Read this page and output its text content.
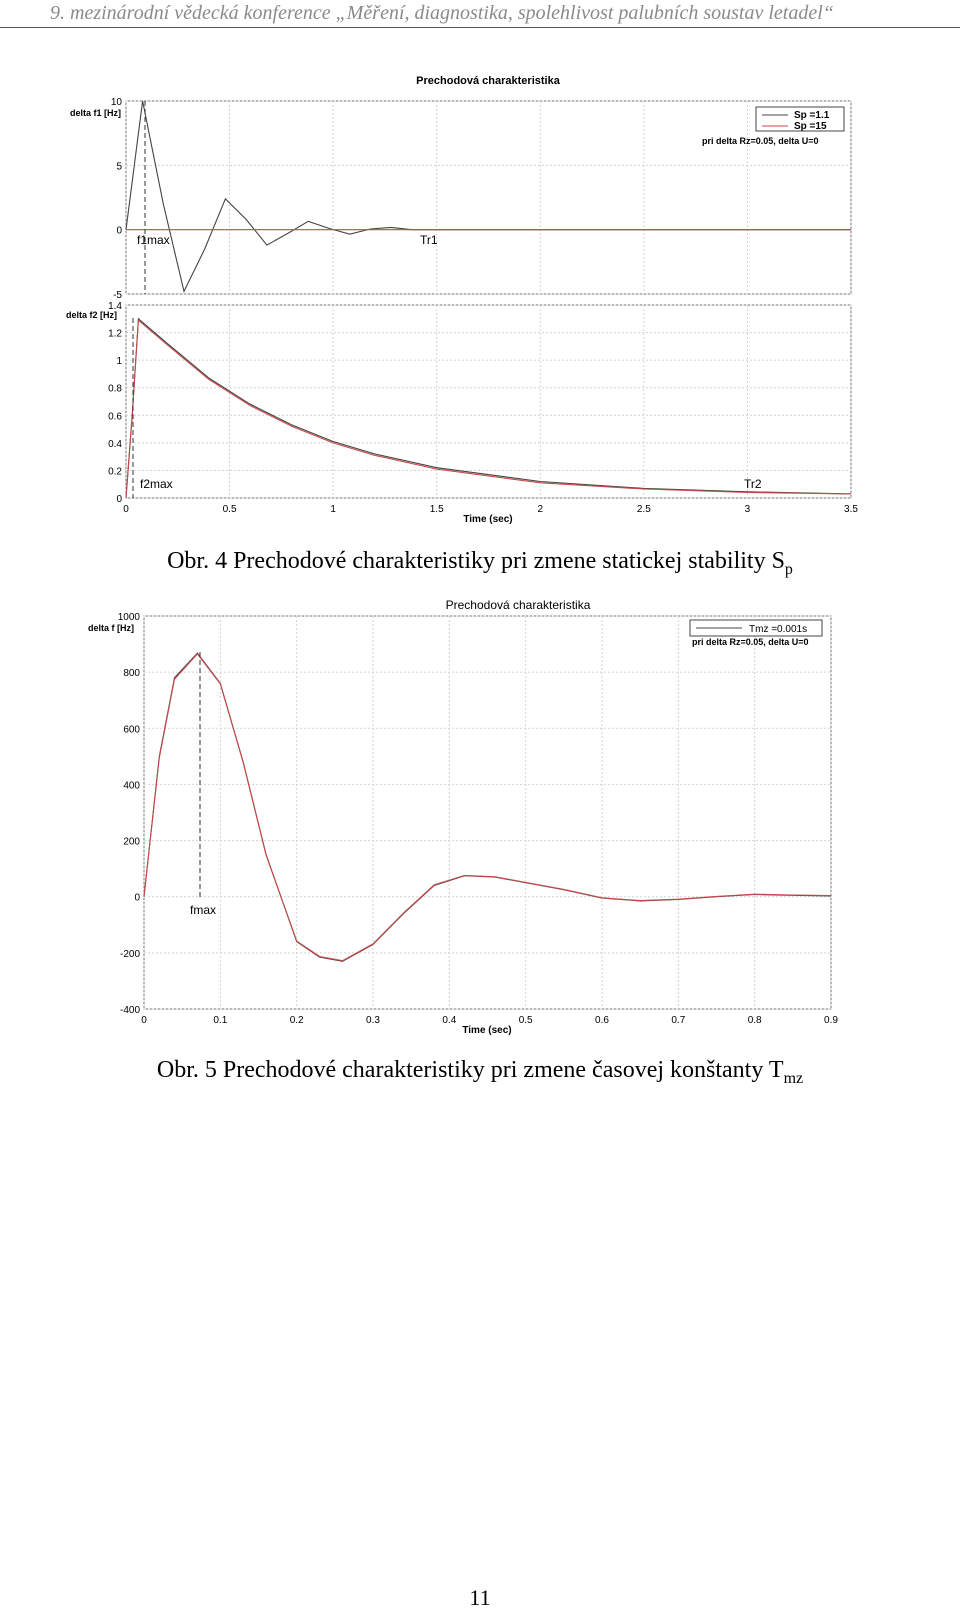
9. mezinárodní vědecká konference „Měření, diagnostika, spolehlivost palubních soustav letadel“
Prechodová charakteristika
-5
0
5
10
f1max	Tr1
delta f1 [Hz]	Sp =1.1
Sp =15
pri delta Rz=0.05, delta U=0
0	0.5	1	1.5	2	2.5	3	3.5
0
0.2
0.4
0.6
0.8
1
1.2
1.4
f2max	Tr2
delta f2 [Hz]
Time (sec)
Obr. 4 Prechodové charakteristiky pri zmene statickej stability $S_p$
Prechodová charakteristika
0	0.1	0.2	0.3	0.4	0.5	0.6	0.7	0.8	0.9
-400
-200
0
200
400
600
800
1000
fmax
delta f [Hz]	Tmz =0.001s
pri delta Rz=0.05, delta U=0
Time (sec)
Obr. 5 Prechodové charakteristiky pri zmene časovej konštanty $T_{mz}$
11
